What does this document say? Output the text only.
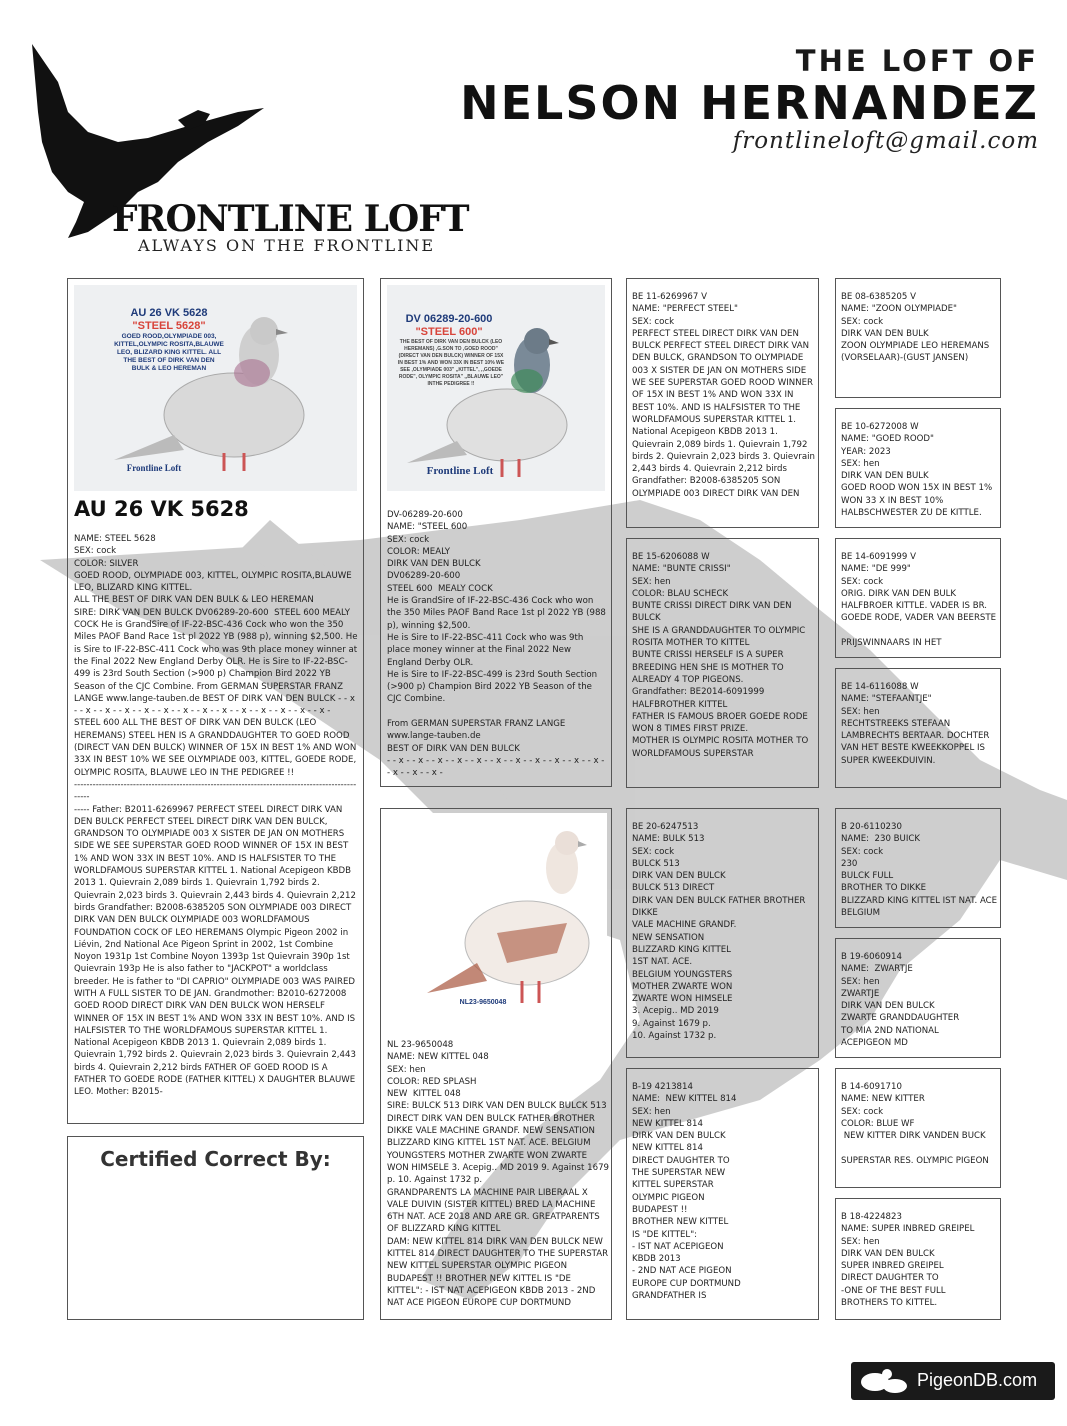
FRONTLINE LOFT
ALWAYS ON THE FRONTLINE
THE LOFT OF
NELSON HERNANDEZ
frontlineloft@gmail.com
AU 26 VK 5628
"STEEL 5628"
GOED ROOD,OLYMPIADE 003, KITTEL,OLYMPIC ROSITA,BLAUWE LEO, BLIZARD KING KITTEL. ALL THE BEST OF DIRK VAN DEN BULK & LEO HEREMAN
Frontline Loft
AU 26 VK 5628
NAME: STEEL 5628
SEX: cock
COLOR: SILVER
GOED ROOD, OLYMPIADE 003, KITTEL, OLYMPIC ROSITA,BLAUWE LEO, BLIZARD KING KITTEL.
ALL THE BEST OF DIRK VAN DEN BULK & LEO HEREMAN
SIRE: DIRK VAN DEN BULCK DV06289-20-600  STEEL 600 MEALY COCK He is GrandSire of IF-22-BSC-436 Cock who won the 350 Miles PAOF Band Race 1st pl 2022 YB (988 p), winning $2,500. He is Sire to IF-22-BSC-411 Cock who was 9th place money winner at the Final 2022 New England Derby OLR. He is Sire to IF-22-BSC-499 is 23rd South Section (>900 p) Champion Bird 2022 YB Season of the CJC Combine. From GERMAN SUPERSTAR FRANZ LANGE www.lange-tauben.de BEST OF DIRK VAN DEN BULCK - - x - - x - - x - - x - - x - - x - - x - - x - - x - - x - - x - - x - - x - - x - STEEL 600 ALL THE BEST OF DIRK VAN DEN BULCK (LEO HEREMANS) STEEL HEN IS A GRANDDAUGHTER TO GOED ROOD (DIRECT VAN DEN BULCK) WINNER OF 15X IN BEST 1% AND WON 33X IN BEST 10% WE SEE OLYMPIADE 003, KITTEL, GOEDE RODE, OLYMPIC ROSITA, BLAUWE LEO IN THE PEDIGREE !!
------------------------------------------------------------------------------------------------
----- Father: B2011-6269967 PERFECT STEEL DIRECT DIRK VAN DEN BULCK PERFECT STEEL DIRECT DIRK VAN DEN BULCK, GRANDSON TO OLYMPIADE 003 X SISTER DE JAN ON MOTHERS SIDE WE SEE SUPERSTAR GOED ROOD WINNER OF 15X IN BEST 1% AND WON 33X IN BEST 10%. AND IS HALFSISTER TO THE WORLDFAMOUS SUPERSTAR KITTEL 1. National Acepigeon KBDB 2013 1. Quievrain 2,089 birds 1. Quievrain 1,792 birds 2. Quievrain 2,023 birds 3. Quievrain 2,443 birds 4. Quievrain 2,212 birds Grandfather: B2008-6385205 SON OLYMPIADE 003 DIRECT DIRK VAN DEN BULCK OLYMPIADE 003 WORLDFAMOUS FOUNDATION COCK OF LEO HEREMANS Olympic Pigeon 2002 in Liévin, 2nd National Ace Pigeon Sprint in 2002, 1st Combine Noyon 1931p 1st Combine Noyon 1393p 1st Quievrain 390p 1st Quievrain 193p He is also father to "JACKPOT" a worldclass breeder. He is father to "DI CAPRIO" OLYMPIADE 003 WAS PAIRED WITH A FULL SISTER TO DE JAN. Grandmother: B2010-6272008 GOED ROOD DIRECT DIRK VAN DEN BULCK WON HERSELF WINNER OF 15X IN BEST 1% AND WON 33X IN BEST 10%. AND IS HALFSISTER TO THE WORLDFAMOUS SUPERSTAR KITTEL 1. National Acepigeon KBDB 2013 1. Quievrain 2,089 birds 1. Quievrain 1,792 birds 2. Quievrain 2,023 birds 3. Quievrain 2,443 birds 4. Quievrain 2,212 birds FATHER OF GOED ROOD IS A FATHER TO GOEDE RODE (FATHER KITTEL) X DAUGHTER BLAUWE LEO. Mother: B2015-
DV 06289-20-600
"STEEL 600"
THE BEST OF DIRK VAN DEN BULCK (LEO HEREMANS) ,G.SON TO ,GOED ROOD" (DIRECT VAN DEN BULCK) WINNER OF 15X IN BEST 1% AND WON 33X IN BEST 10% WE SEE ,OLYMPIADE 003" ,,KITTEL", ,,GOEDE RODE", OLYMPIC ROSITA" ,,BLAUWE LEO" INTHE PEDIGREE !!
Frontline Loft
DV-06289-20-600
NAME: "STEEL 600
SEX: cock
COLOR: MEALY
DIRK VAN DEN BULCK
DV06289-20-600
STEEL 600  MEALY COCK
He is GrandSire of IF-22-BSC-436 Cock who won the 350 Miles PAOF Band Race 1st pl 2022 YB (988 p), winning $2,500.
He is Sire to IF-22-BSC-411 Cock who was 9th place money winner at the Final 2022 New England Derby OLR.
He is Sire to IF-22-BSC-499 is 23rd South Section (>900 p) Champion Bird 2022 YB Season of the CJC Combine.

From GERMAN SUPERSTAR FRANZ LANGE
www.lange-tauben.de
BEST OF DIRK VAN DEN BULCK
- - x - - x - - x - - x - - x - - x - - x - - x - - x - - x - - x - - x - - x - - x -
NL23-9650048
NL 23-9650048
NAME: NEW KITTEL 048
SEX: hen
COLOR: RED SPLASH
NEW  KITTEL 048
SIRE: BULCK 513 DIRK VAN DEN BULCK BULCK 513 DIRECT DIRK VAN DEN BULCK FATHER BROTHER DIKKE VALE MACHINE GRANDF. NEW SENSATION BLIZZARD KING KITTEL 1ST NAT. ACE. BELGIUM YOUNGSTERS MOTHER ZWARTE WON ZWARTE WON HIMSELE 3. Acepig.. MD 2019 9. Against 1679 p. 10. Against 1732 p.
GRANDPARENTS LA MACHINE PAIR LIBERAAL X VALE DUIVIN (SISTER KITTEL) BRED LA MACHINE 6TH NAT. ACE 2018 AND ARE GR. GREATPARENTS OF BLIZZARD KING KITTEL
DAM: NEW KITTEL 814 DIRK VAN DEN BULCK NEW KITTEL 814 DIRECT DAUGHTER TO THE SUPERSTAR NEW KITTEL SUPERSTAR OLYMPIC PIGEON BUDAPEST !! BROTHER NEW KITTEL IS "DE KITTEL": - IST NAT ACEPIGEON KBDB 2013 - 2ND NAT ACE PIGEON EUROPE CUP DORTMUND
BE 11-6269967 V
NAME: "PERFECT STEEL"
SEX: cock
PERFECT STEEL DIRECT DIRK VAN DEN BULCK PERFECT STEEL DIRECT DIRK VAN DEN BULCK, GRANDSON TO OLYMPIADE 003 X SISTER DE JAN ON MOTHERS SIDE WE SEE SUPERSTAR GOED ROOD WINNER OF 15X IN BEST 1% AND WON 33X IN BEST 10%. AND IS HALFSISTER TO THE WORLDFAMOUS SUPERSTAR KITTEL 1. National Acepigeon KBDB 2013 1. Quievrain 2,089 birds 1. Quievrain 1,792 birds 2. Quievrain 2,023 birds 3. Quievrain 2,443 birds 4. Quievrain 2,212 birds
Grandfather: B2008-6385205 SON OLYMPIADE 003 DIRECT DIRK VAN DEN
BE 08-6385205 V
NAME: "ZOON OLYMPIADE"
SEX: cock
DIRK VAN DEN BULK
ZOON OLYMPIADE LEO HEREMANS (VORSELAAR)-(GUST JANSEN)
BE 10-6272008 W
NAME: "GOED ROOD"
YEAR: 2023
SEX: hen
DIRK VAN DEN BULK
GOED ROOD WON 15X IN BEST 1% WON 33 X IN BEST 10% HALBSCHWESTER ZU DE KITTLE.
BE 15-6206088 W
NAME: "BUNTE CRISSI"
SEX: hen
COLOR: BLAU SCHECK
BUNTE CRISSI DIRECT DIRK VAN DEN BULCK
SHE IS A GRANDDAUGHTER TO OLYMPIC ROSITA MOTHER TO KITTEL
BUNTE CRISSI HERSELF IS A SUPER BREEDING HEN SHE IS MOTHER TO ALREADY 4 TOP PIGEONS.
Grandfather: BE2014-6091999
HALFBROTHER KITTEL
FATHER IS FAMOUS BROER GOEDE RODE WON 8 TIMES FIRST PRIZE.
MOTHER IS OLYMPIC ROSITA MOTHER TO WORLDFAMOUS SUPERSTAR
BE 14-6091999 V
NAME: "DE 999"
SEX: cock
ORIG. DIRK VAN DEN BULK HALFBROER KITTLE. VADER IS BR. GOEDE RODE, VADER VAN BEERSTE

PRIJSWINNAARS IN HET
BE 14-6116088 W
NAME: "STEFAANTJE"
SEX: hen
RECHTSTREEKS STEFAAN LAMBRECHTS BERTAAR. DOCHTER VAN HET BESTE KWEEKKOPPEL IS SUPER KWEEKDUIVIN.
BE 20-6247513
NAME: BULK 513
SEX: cock
BULCK 513
DIRK VAN DEN BULCK
BULCK 513 DIRECT
DIRK VAN DEN BULCK FATHER BROTHER DIKKE
VALE MACHINE GRANDF.
NEW SENSATION
BLIZZARD KING KITTEL
1ST NAT. ACE.
BELGIUM YOUNGSTERS
MOTHER ZWARTE WON
ZWARTE WON HIMSELE
3. Acepig.. MD 2019
9. Against 1679 p.
10. Against 1732 p.
B 20-6110230
NAME:  230 BUICK
SEX: cock
230
BULCK FULL
BROTHER TO DIKKE
BLIZZARD KING KITTEL IST NAT. ACE BELGIUM
B 19-6060914
NAME:  ZWARTJE
SEX: hen
ZWARTJE
DIRK VAN DEN BULCK
ZWARTE GRANDDAUGHTER
TO MIA 2ND NATIONAL
ACEPIGEON MD
B-19 4213814
NAME:  NEW KITTEL 814
SEX: hen
NEW KITTEL 814
DIRK VAN DEN BULCK
NEW KITTEL 814
DIRECT DAUGHTER TO
THE SUPERSTAR NEW
KITTEL SUPERSTAR
OLYMPIC PIGEON
BUDAPEST !!
BROTHER NEW KITTEL
IS "DE KITTEL":
- IST NAT ACEPIGEON
KBDB 2013
- 2ND NAT ACE PIGEON
EUROPE CUP DORTMUND
GRANDFATHER IS
B 14-6091710
NAME: NEW KITTER
SEX: cock
COLOR: BLUE WF
NEW KITTER DIRK VANDEN BUCK

SUPERSTAR RES. OLYMPIC PIGEON
B 18-4224823
NAME: SUPER INBRED GREIPEL
SEX: hen
DIRK VAN DEN BULCK
SUPER INBRED GREIPEL
DIRECT DAUGHTER TO
-ONE OF THE BEST FULL
BROTHERS TO KITTEL.
Certified Correct By:
PigeonDB.com
